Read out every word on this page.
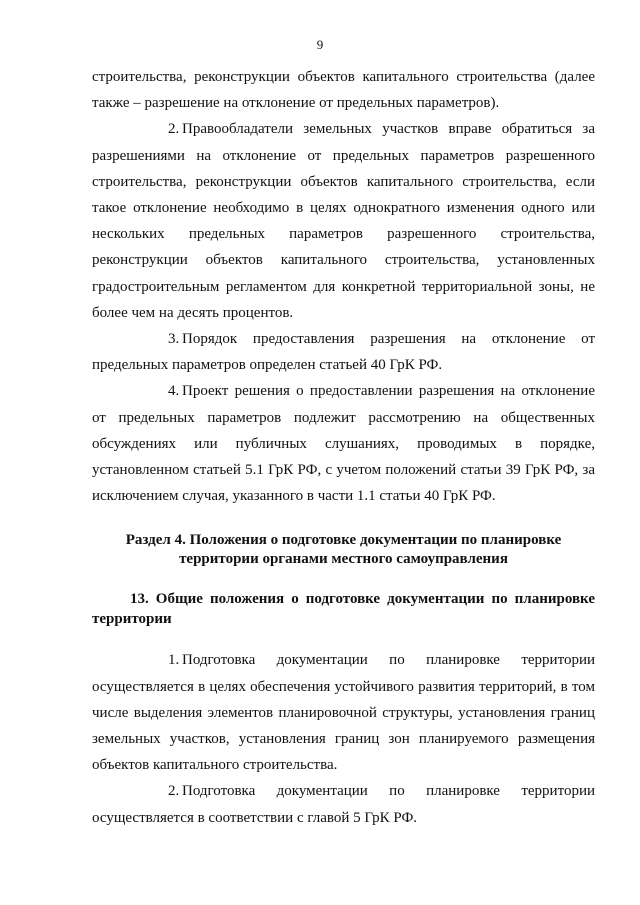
9

строительства, реконструкции объектов капитального строительства (далее также – разрешение на отклонение от предельных параметров).

2. Правообладатели земельных участков вправе обратиться за разрешениями на отклонение от предельных параметров разрешенного строительства, реконструкции объектов капитального строительства, если такое отклонение необходимо в целях однократного изменения одного или нескольких предельных параметров разрешенного строительства, реконструкции объектов капитального строительства, установленных градостроительным регламентом для конкретной территориальной зоны, не более чем на десять процентов.

3. Порядок предоставления разрешения на отклонение от предельных параметров определен статьей 40 ГрК РФ.

4. Проект решения о предоставлении разрешения на отклонение от предельных параметров подлежит рассмотрению на общественных обсуждениях или публичных слушаниях, проводимых в порядке, установленном статьей 5.1 ГрК РФ, с учетом положений статьи 39 ГрК РФ, за исключением случая, указанного в части 1.1 статьи 40 ГрК РФ.

Раздел 4. Положения о подготовке документации по планировке
территории органами местного самоуправления
13. Общие положения о подготовке документации по планировке территории

1. Подготовка документации по планировке территории осуществляется в целях обеспечения устойчивого развития территорий, в том числе выделения элементов планировочной структуры, установления границ земельных участков, установления границ зон планируемого размещения объектов капитального строительства.

2. Подготовка документации по планировке территории осуществляется в соответствии с главой 5 ГрК РФ.
